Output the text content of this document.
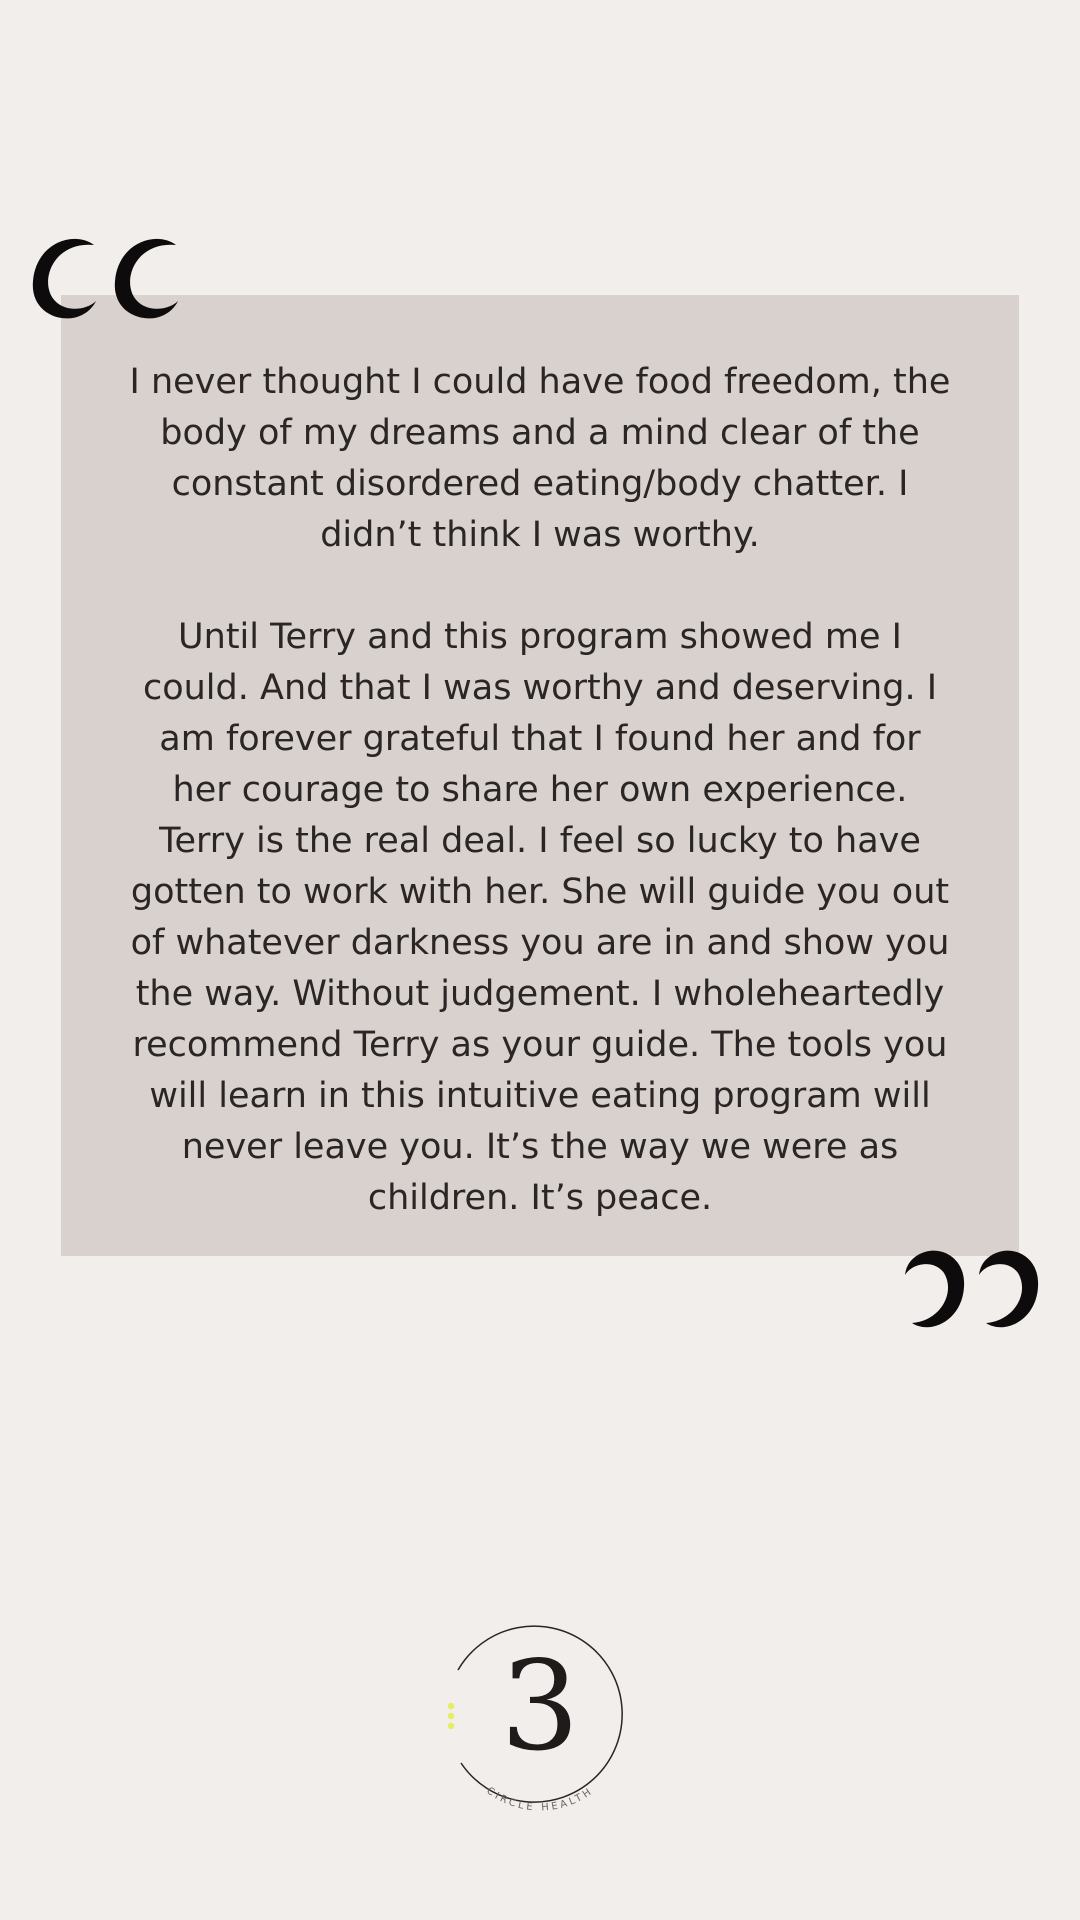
I never thought I could have food freedom, the body of my dreams and a mind clear of the constant disordered eating/body chatter. I didn’t think I was worthy.

Until Terry and this program showed me I could. And that I was worthy and deserving. I am forever grateful that I found her and for her courage to share her own experience. Terry is the real deal. I feel so lucky to have gotten to work with her. She will guide you out of whatever darkness you are in and show you the way. Without judgement. I wholeheartedly recommend Terry as your guide. The tools you will learn in this intuitive eating program will never leave you. It’s the way we were as children. It’s peace.

3
CIRCLE HEALTH
